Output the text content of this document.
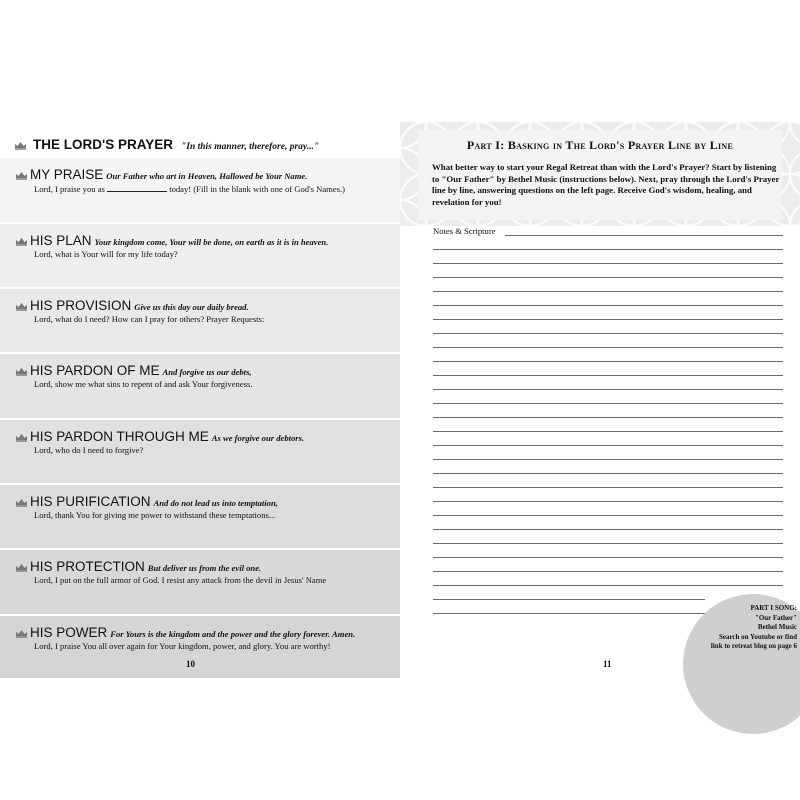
THE LORD'S PRAYER "In this manner, therefore, pray..."
MY PRAISE Our Father who art in Heaven, Hallowed be Your Name.
Lord, I praise you as	today! (Fill in the blank with one of God's Names.)
HIS PLAN Your kingdom come, Your will be done, on earth as it is in heaven.
Lord, what is Your will for my life today?
HIS PROVISION Give us this day our daily bread.
Lord, what do I need? How can I pray for others? Prayer Requests:
HIS PARDON OF ME And forgive us our debts,
Lord, show me what sins to repent of and ask Your forgiveness.
HIS PARDON THROUGH ME As we forgive our debtors.
Lord, who do I need to forgive?
HIS PURIFICATION And do not lead us into temptation,
Lord, thank You for giving me power to withstand these temptations...
HIS PROTECTION But deliver us from the evil one.
Lord, I put on the full armor of God. I resist any attack from the devil in Jesus' Name
HIS POWER For Yours is the kingdom and the power and the glory forever. Amen.
Lord, I praise You all over again for Your kingdom, power, and glory. You are worthy!
10
Part I: Basking in The Lord's Prayer Line by Line
What better way to start your Regal Retreat than with the Lord's Prayer? Start by listening to "Our Father" by Bethel Music (instructions below). Next, pray through the Lord's Prayer line by line, answering questions on the left page. Receive God's wisdom, healing, and revelation for you!
Notes & Scripture
PART I SONG:
"Our Father"
Bethel Music
Search on Youtube or find
link to retreat blog on page 6
11
